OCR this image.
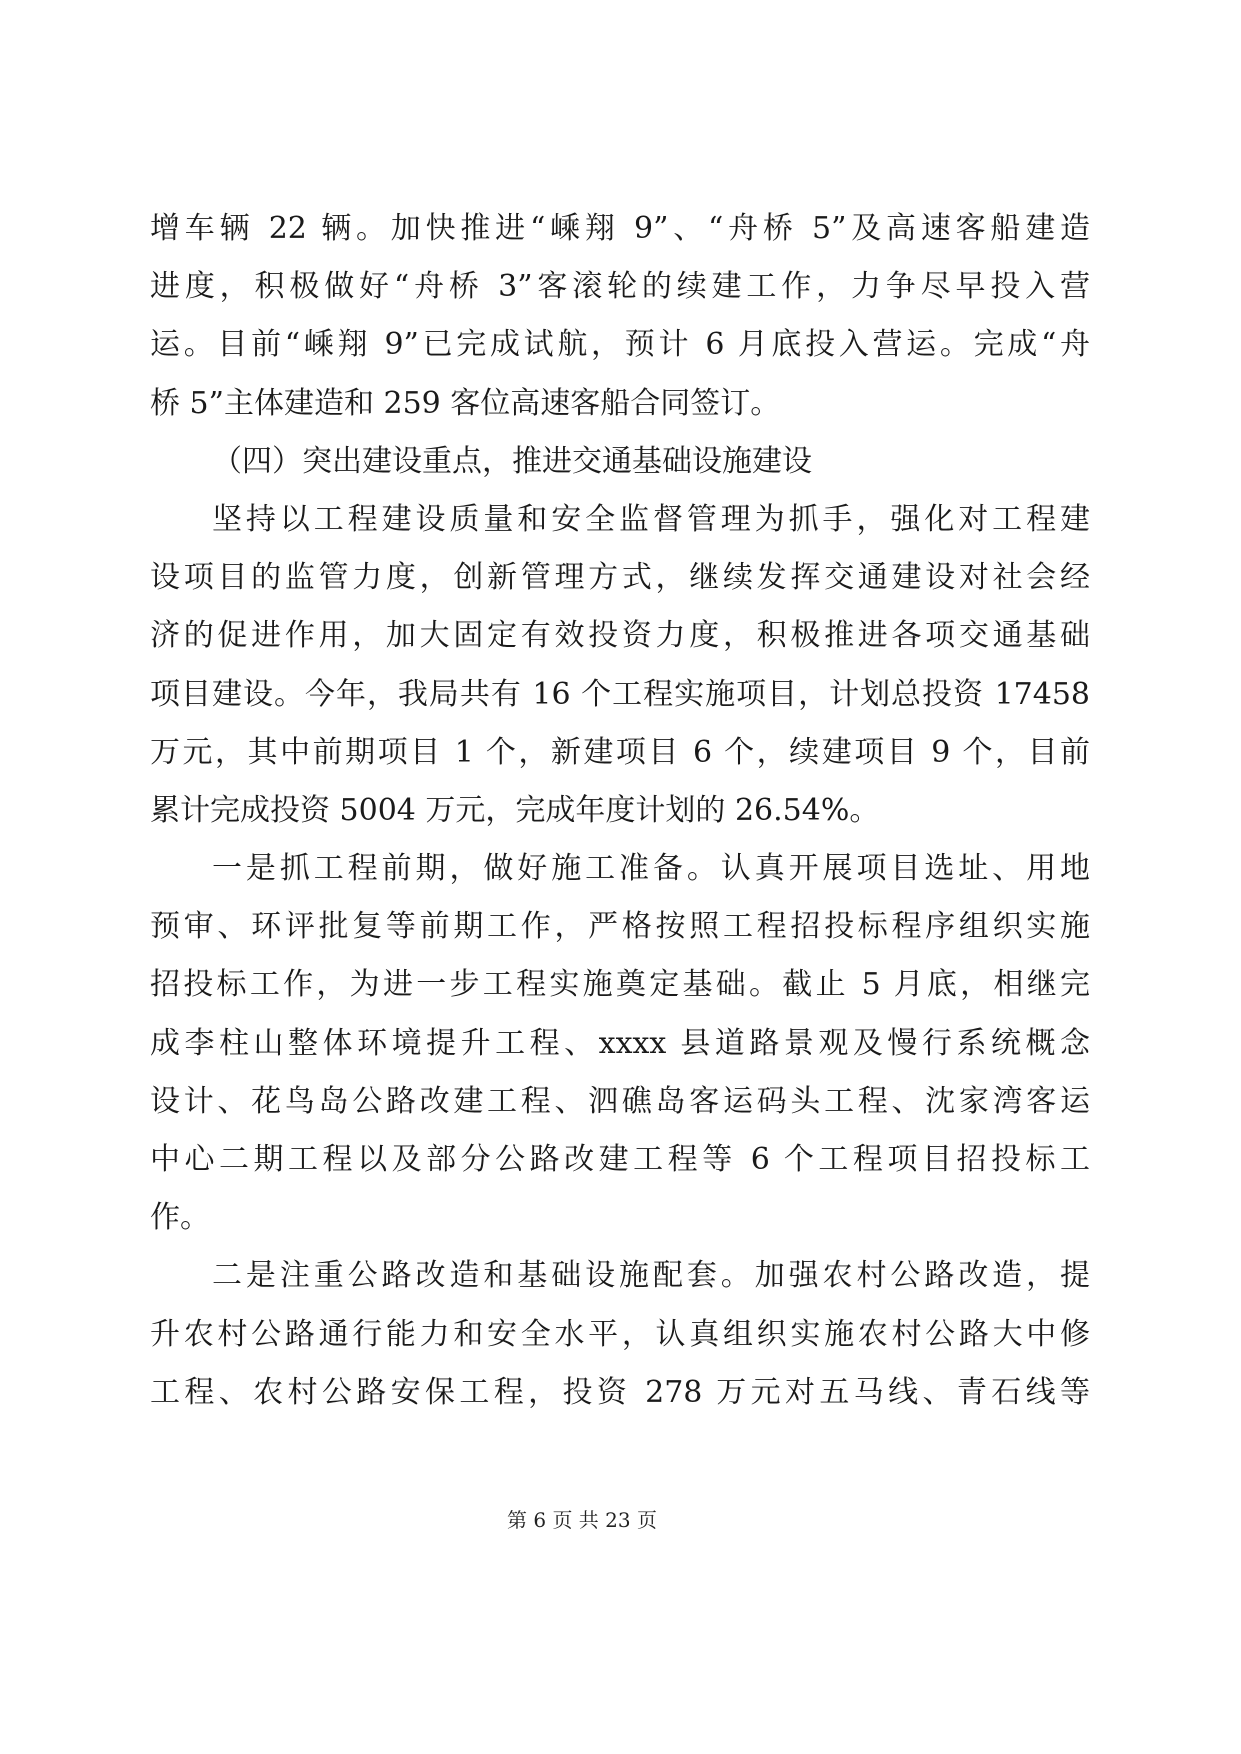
增车辆 22 辆。加快推进“嵊翔 9”、“舟桥 5”及高速客船建造
进度，积极做好“舟桥 3”客滚轮的续建工作，力争尽早投入营
运。目前“嵊翔 9”已完成试航，预计 6 月底投入营运。完成“舟
桥 5”主体建造和 259 客位高速客船合同签订。
（四）突出建设重点，推进交通基础设施建设
坚持以工程建设质量和安全监督管理为抓手，强化对工程建
设项目的监管力度，创新管理方式，继续发挥交通建设对社会经
济的促进作用，加大固定有效投资力度，积极推进各项交通基础
项目建设。今年，我局共有 16 个工程实施项目，计划总投资 17458
万元，其中前期项目 1 个，新建项目 6 个，续建项目 9 个，目前
累计完成投资 5004 万元，完成年度计划的 26.54%。
一是抓工程前期，做好施工准备。认真开展项目选址、用地
预审、环评批复等前期工作，严格按照工程招投标程序组织实施
招投标工作，为进一步工程实施奠定基础。截止 5 月底，相继完
成李柱山整体环境提升工程、xxxx 县道路景观及慢行系统概念
设计、花鸟岛公路改建工程、泗礁岛客运码头工程、沈家湾客运
中心二期工程以及部分公路改建工程等 6 个工程项目招投标工
作。
二是注重公路改造和基础设施配套。加强农村公路改造，提
升农村公路通行能力和安全水平，认真组织实施农村公路大中修
工程、农村公路安保工程，投资 278 万元对五马线、青石线等
第 6 页 共 23 页
